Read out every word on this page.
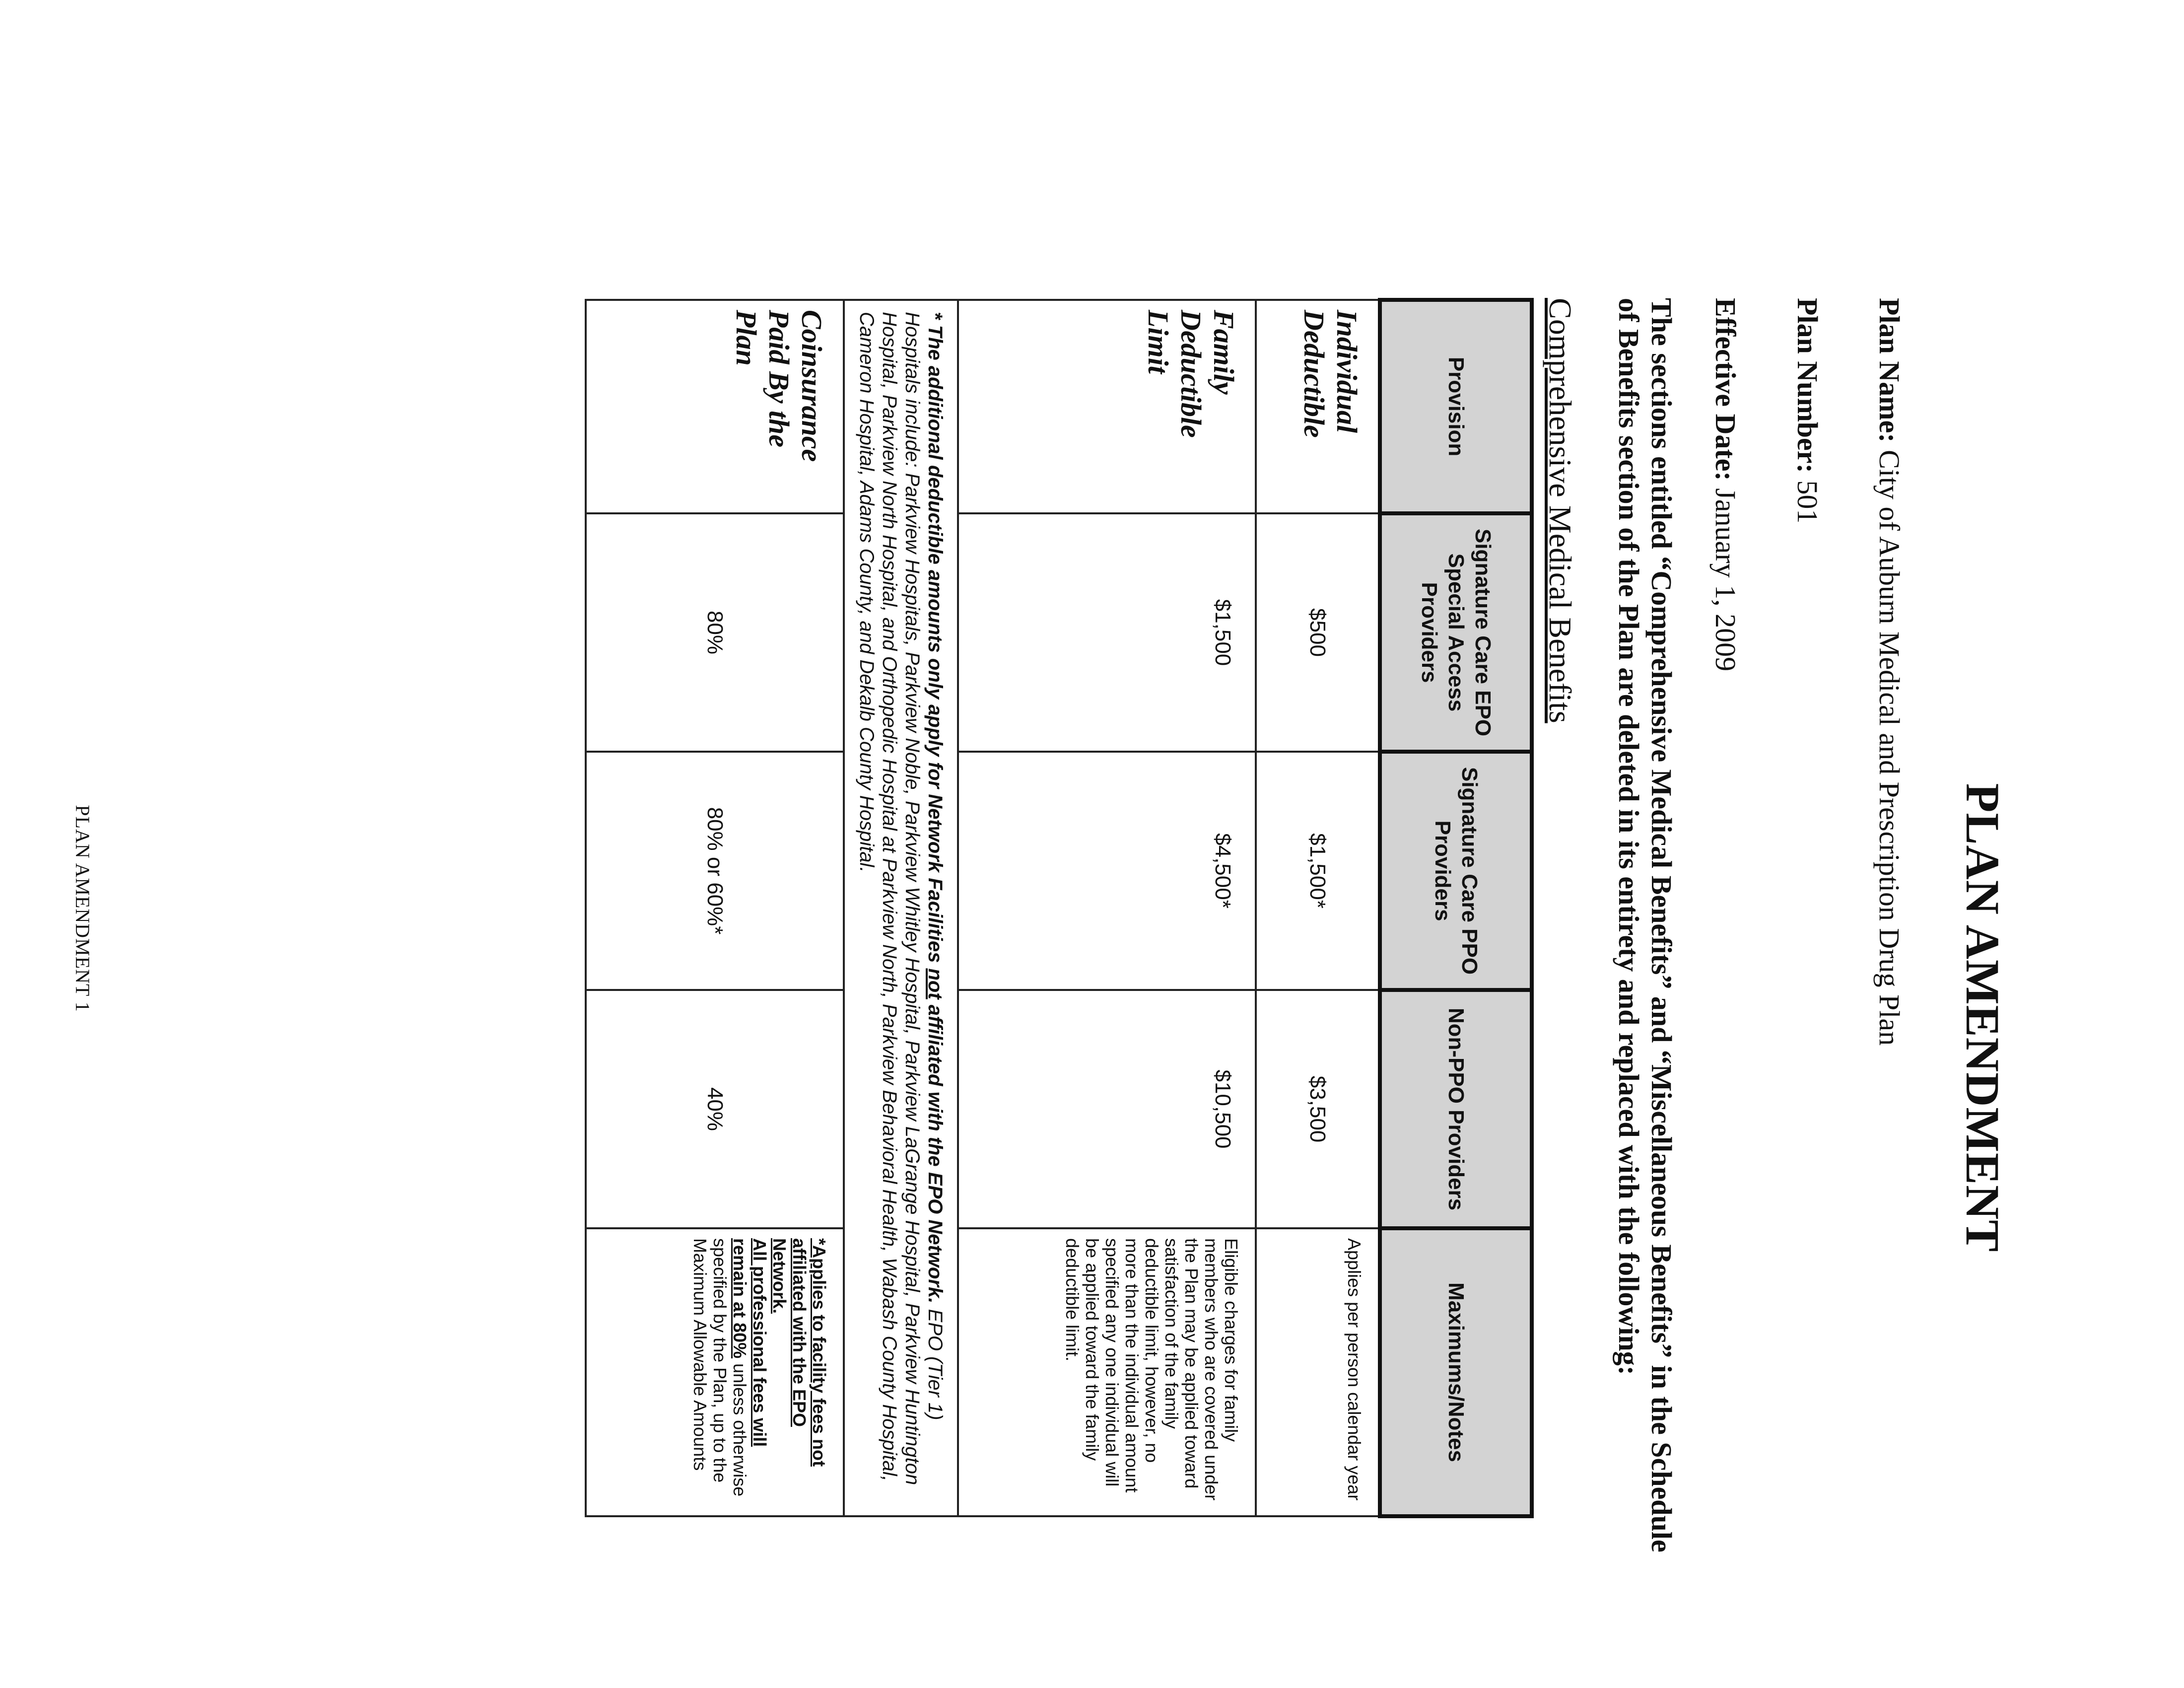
PLAN AMENDMENT
Plan Name: City of Auburn Medical and Prescription Drug Plan
Plan Number: 501
Effective Date: January 1, 2009
The sections entitled “Comprehensive Medical Benefits” and “Miscellaneous Benefits” in the Schedule of Benefits section of the Plan are deleted in its entirety and replaced with the following:
Comprehensive Medical Benefits
Provision	Signature Care EPO Special Access Providers	Signature Care PPO Providers	Non-PPO Providers	Maximums/Notes
Individual Deductible	$500	$1,500*	$3,500	Applies per person calendar year
Family Deductible Limit	$1,500	$4,500*	$10,500	Eligible charges for family members who are covered under the Plan may be applied toward satisfaction of the family deductible limit, however, no more than the individual amount specified any one individual will be applied toward the family deductible limit.
* The additional deductible amounts only apply for Network Facilities not affiliated with the EPO Network. EPO (Tier 1) Hospitals include: Parkview Hospitals, Parkview Noble, Parkview Whitley Hospital, Parkview LaGrange Hospital, Parkview Huntington Hospital, Parkview North Hospital, and Orthopedic Hospital at Parkview North, Parkview Behavioral Health, Wabash County Hospital, Cameron Hospital, Adams County, and Dekalb County Hospital.				
Coinsurance Paid By the Plan	80%	80% or 60%*	40%	*Applies to facility fees not affiliated with the EPO Network.
All professional fees will remain at 80% unless otherwise specified by the Plan, up to the Maximum Allowable Amounts
PLAN AMENDMENT 1
